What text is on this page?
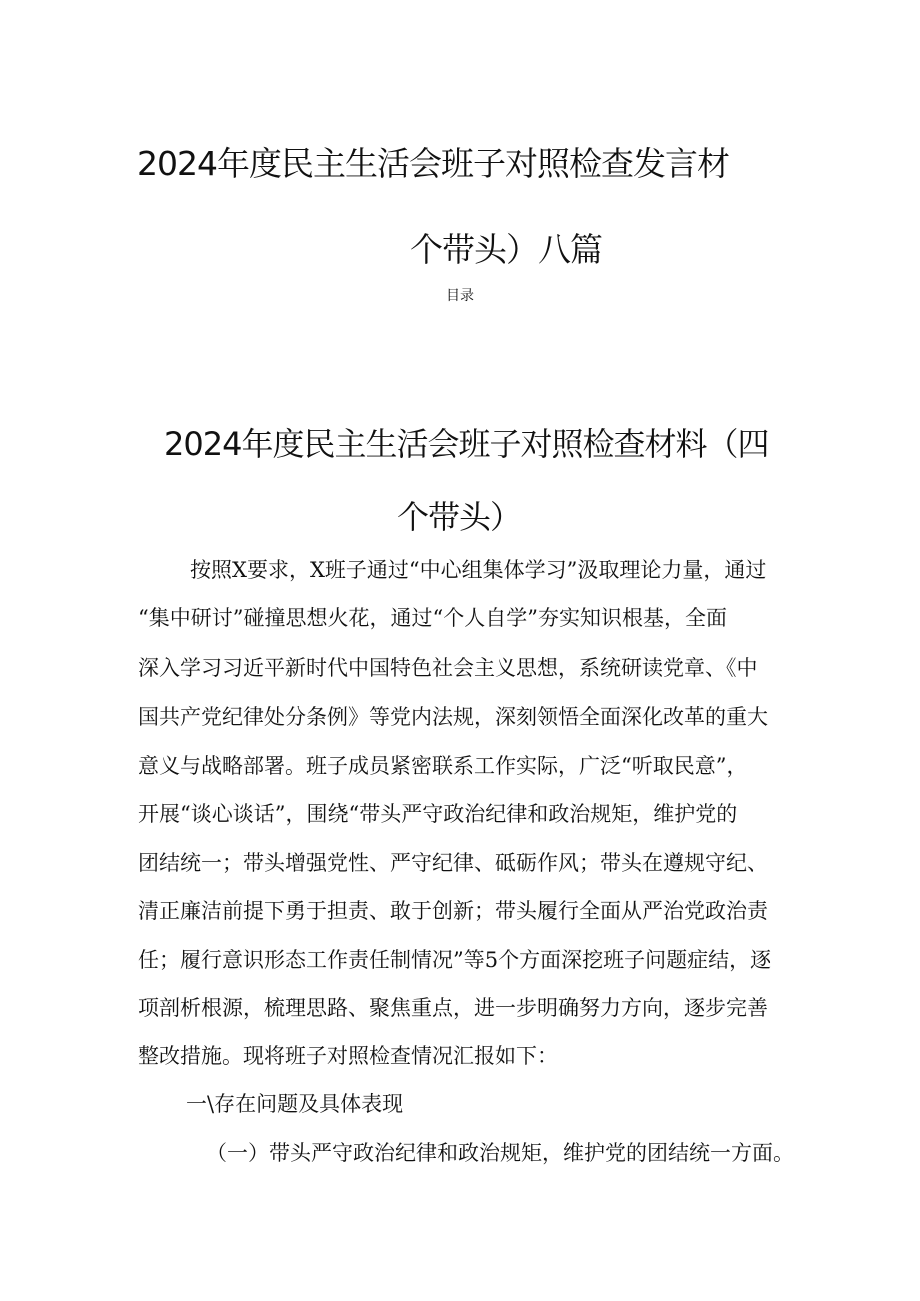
2024年度民主生活会班子对照检查发言材
个带头）八篇
目录
2024年度民主生活会班子对照检查材料（四
个带头）
按照X要求，X班子通过“中心组集体学习”汲取理论力量，通过
“集中研讨”碰撞思想火花，通过“个人自学”夯实知识根基，全面
深入学习习近平新时代中国特色社会主义思想，系统研读党章、《中
国共产党纪律处分条例》等党内法规，深刻领悟全面深化改革的重大
意义与战略部署。班子成员紧密联系工作实际，广泛“听取民意”，
开展“谈心谈话”，围绕“带头严守政治纪律和政治规矩，维护党的
团结统一；带头增强党性、严守纪律、砥砺作风；带头在遵规守纪、
清正廉洁前提下勇于担责、敢于创新；带头履行全面从严治党政治责
任；履行意识形态工作责任制情况”等5个方面深挖班子问题症结，逐
项剖析根源，梳理思路、聚焦重点，进一步明确努力方向，逐步完善
整改措施。现将班子对照检查情况汇报如下：
一\存在问题及具体表现
（一）带头严守政治纪律和政治规矩，维护党的团结统一方面。
